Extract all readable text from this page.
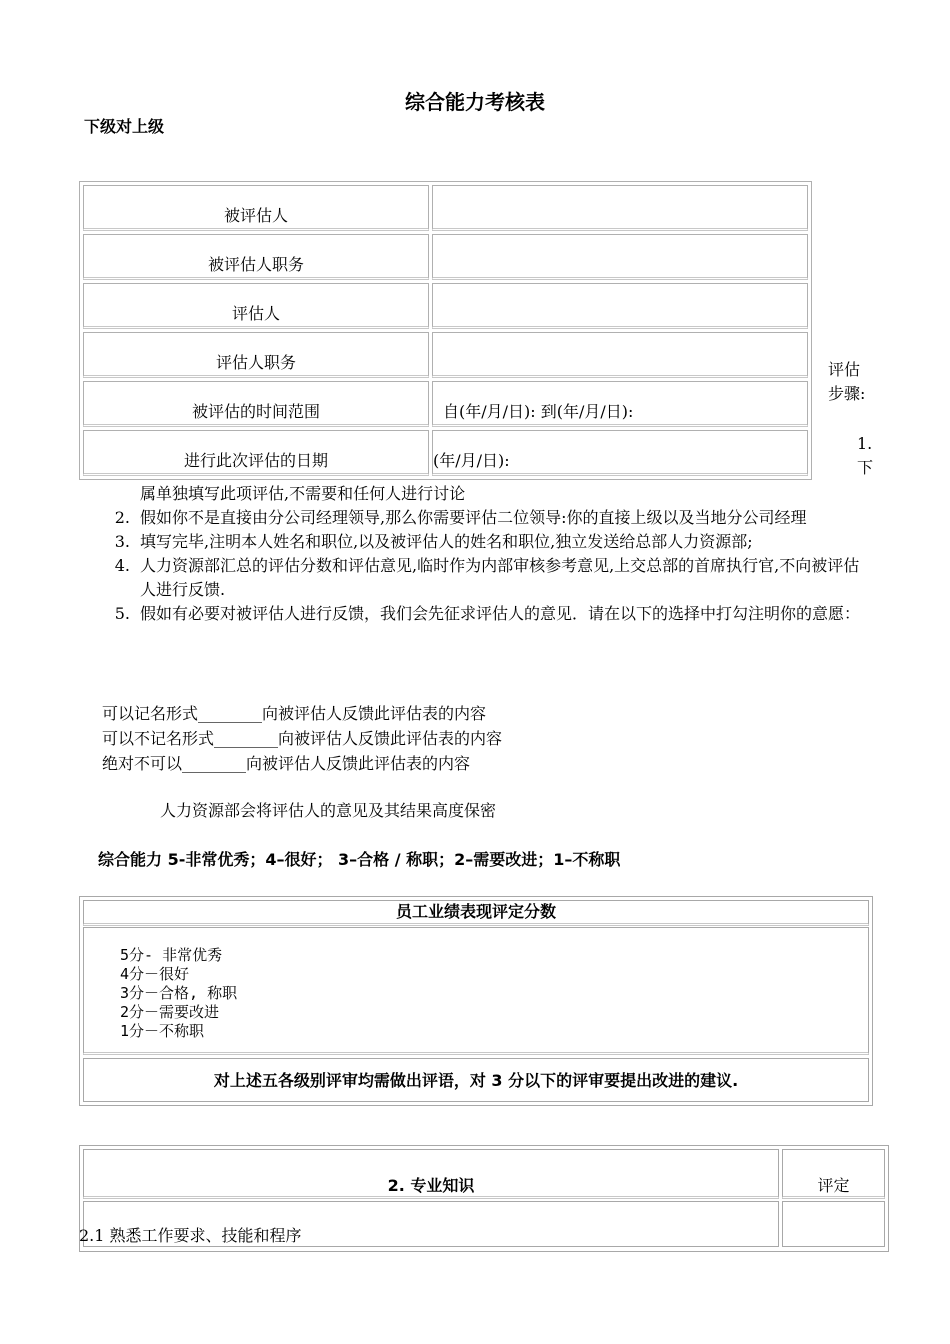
综合能力考核表
下级对上级
被评估人	
被评估人职务	
评估人	
评估人职务	
被评估的时间范围	自(年/月/日): 到(年/月/日):
进行此次评估的日期	(年/月/日):
评估
步骤:
1.
下
属单独填写此项评估,不需要和任何人进行讨论
2. 假如你不是直接由分公司经理领导,那么你需要评估二位领导:你的直接上级以及当地分公司经理
3. 填写完毕,注明本人姓名和职位,以及被评估人的姓名和职位,独立发送给总部人力资源部;
4. 人力资源部汇总的评估分数和评估意见,临时作为内部审核参考意见,上交总部的首席执行官,不向被评估人进行反馈.
5. 假如有必要对被评估人进行反馈，我们会先征求评估人的意见．请在以下的选择中打勾注明你的意愿：
可以记名形式________向被评估人反馈此评估表的内容
可以不记名形式________向被评估人反馈此评估表的内容
绝对不可以________向被评估人反馈此评估表的内容
人力资源部会将评估人的意见及其结果高度保密
综合能力 5-非常优秀；4–很好； 3–合格 / 称职；2–需要改进；1–不称职
员工业绩表现评定分数
5分- 非常优秀
4分－很好
3分－合格, 称职
2分－需要改进
1分－不称职
对上述五各级别评审均需做出评语，对 3 分以下的评审要提出改进的建议.
2. 专业知识	评定
2.1 熟悉工作要求、技能和程序
